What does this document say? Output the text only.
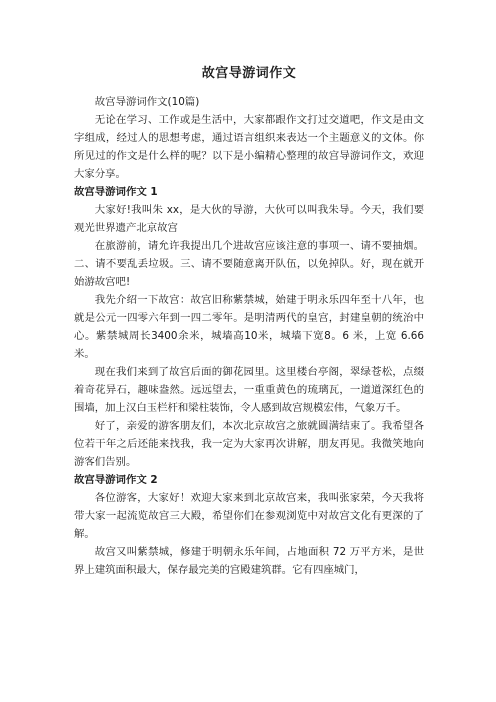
故宫导游词作文

故宫导游词作文(10篇)

无论在学习、工作或是生活中，大家都跟作文打过交道吧，作文是由文字组成，经过人的思想考虑，通过语言组织来表达一个主题意义的文体。你所见过的作文是什么样的呢？以下是小编精心整理的故宫导游词作文，欢迎大家分享。

故宫导游词作文 1

大家好!我叫朱 xx，是大伙的导游，大伙可以叫我朱导。今天，我们要观光世界遗产北京故宫

在旅游前，请允许我提出几个进故宫应该注意的事项一、请不要抽烟。二、请不要乱丢垃圾。三、请不要随意离开队伍，以免掉队。好，现在就开始游故宫吧!

我先介绍一下故宫：故宫旧称紫禁城，始建于明永乐四年至十八年，也就是公元一四零六年到一四二零年。是明清两代的皇宫，封建皇朝的统治中心。紫禁城周长3400余米，城墙高10米，城墙下宽8。6 米，上宽 6.66 米。

现在我们来到了故宫后面的御花园里。这里楼台亭阁，翠绿苍松，点缀着奇花异石，趣味盎然。远远望去，一重重黄色的琉璃瓦，一道道深红色的围墙，加上汉白玉栏杆和梁柱装饰，令人感到故宫规模宏伟，气象万千。

好了，亲爱的游客朋友们，本次北京故宫之旅就圆满结束了。我希望各位若干年之后还能来找我，我一定为大家再次讲解，朋友再见。我微笑地向游客们告别。

故宫导游词作文 2

各位游客，大家好！欢迎大家来到北京故宫来，我叫张家荣，今天我将带大家一起流览故宫三大殿，希望你们在参观浏览中对故宫文化有更深的了解。

故宫又叫紫禁城，修建于明朝永乐年间，占地面积 72 万平方米，是世界上建筑面积最大，保存最完美的宫殿建筑群。它有四座城门，
